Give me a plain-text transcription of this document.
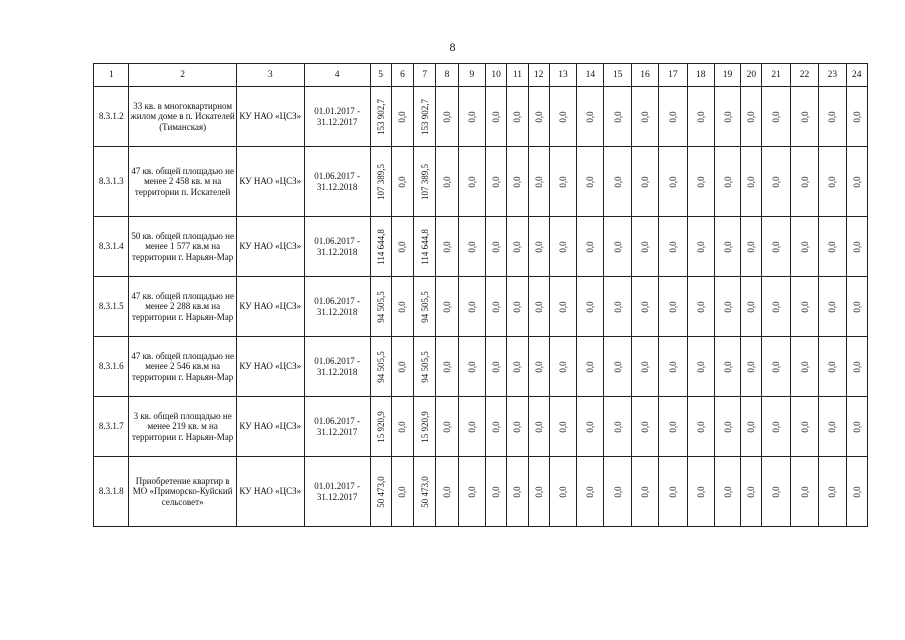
8
1	2	3	4	5	6	7	8	9	10	11	12	13	14	15	16	17	18	19	20	21	22	23	24
8.3.1.2	33 кв. в многоквартирном жилом доме в п. Искателей (Тиманская)	КУ НАО «ЦСЗ»	01.01.2017 - 31.12.2017	153 902,7	0,0	153 902,7	0,0	0,0	0,0	0,0	0,0	0,0	0,0	0,0	0,0	0,0	0,0	0,0	0,0	0,0	0,0	0,0	0,0

8.3.1.3	47 кв. общей площадью не менее 2 458 кв. м на территории п. Искателей	КУ НАО «ЦСЗ»	01.06.2017 - 31.12.2018	107 389,5	0,0	107 389,5	0,0	0,0	0,0	0,0	0,0	0,0	0,0	0,0	0,0	0,0	0,0	0,0	0,0	0,0	0,0	0,0	0,0

8.3.1.4	50 кв. общей площадью не менее 1 577 кв.м на территории г. Нарьян-Мар	КУ НАО «ЦСЗ»	01.06.2017 - 31.12.2018	114 644,8	0,0	114 644,8	0,0	0,0	0,0	0,0	0,0	0,0	0,0	0,0	0,0	0,0	0,0	0,0	0,0	0,0	0,0	0,0	0,0

8.3.1.5	47 кв. общей площадью не менее 2 288 кв.м на территории г. Нарьян-Мар	КУ НАО «ЦСЗ»	01.06.2017 - 31.12.2018	94 505,5	0,0	94 505,5	0,0	0,0	0,0	0,0	0,0	0,0	0,0	0,0	0,0	0,0	0,0	0,0	0,0	0,0	0,0	0,0	0,0

8.3.1.6	47 кв. общей площадью не менее 2 546 кв.м на территории г. Нарьян-Мар	КУ НАО «ЦСЗ»	01.06.2017 - 31.12.2018	94 505,5	0,0	94 505,5	0,0	0,0	0,0	0,0	0,0	0,0	0,0	0,0	0,0	0,0	0,0	0,0	0,0	0,0	0,0	0,0	0,0

8.3.1.7	3 кв. общей площадью не менее 219 кв. м на территории г. Нарьян-Мар	КУ НАО «ЦСЗ»	01.06.2017 - 31.12.2017	15 920,9	0,0	15 920,9	0,0	0,0	0,0	0,0	0,0	0,0	0,0	0,0	0,0	0,0	0,0	0,0	0,0	0,0	0,0	0,0	0,0

8.3.1.8	Приобретение квартир в МО «Приморско-Куйский сельсовет»	КУ НАО «ЦСЗ»	01.01.2017 - 31.12.2017	50 473,0	0,0	50 473,0	0,0	0,0	0,0	0,0	0,0	0,0	0,0	0,0	0,0	0,0	0,0	0,0	0,0	0,0	0,0	0,0	0,0
